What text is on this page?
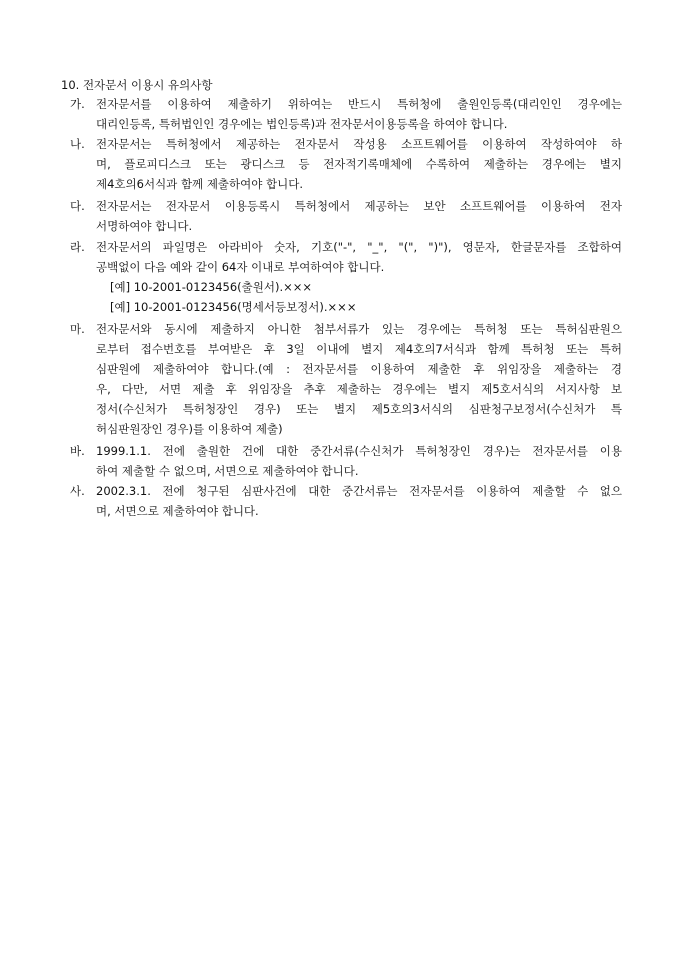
10. 전자문서 이용시 유의사항
가. 전자문서를 이용하여 제출하기 위하여는 반드시 특허청에 출원인등록(대리인인 경우에는
대리인등록, 특허법인인 경우에는 법인등록)과 전자문서이용등록을 하여야 합니다.
나. 전자문서는 특허청에서 제공하는 전자문서 작성용 소프트웨어를 이용하여 작성하여야 하
며, 플로피디스크 또는 광디스크 등 전자적기록매체에 수록하여 제출하는 경우에는 별지
제4호의6서식과 함께 제출하여야 합니다.
다. 전자문서는 전자문서 이용등록시 특허청에서 제공하는 보안 소프트웨어를 이용하여 전자
서명하여야 합니다.
라. 전자문서의 파일명은 아라비아 숫자, 기호("-", "_", "(", ")"), 영문자, 한글문자를 조합하여
공백없이 다음 예와 같이 64자 이내로 부여하여야 합니다.
[예] 10-2001-0123456(출원서).×××
[예] 10-2001-0123456(명세서등보정서).×××
마. 전자문서와 동시에 제출하지 아니한 첨부서류가 있는 경우에는 특허청 또는 특허심판원으
로부터 접수번호를 부여받은 후 3일 이내에 별지 제4호의7서식과 함께 특허청 또는 특허
심판원에 제출하여야 합니다.(예 : 전자문서를 이용하여 제출한 후 위임장을 제출하는 경
우, 다만, 서면 제출 후 위임장을 추후 제출하는 경우에는 별지 제5호서식의 서지사항 보
정서(수신처가 특허청장인 경우) 또는 별지 제5호의3서식의 심판청구보정서(수신처가 특
허심판원장인 경우)를 이용하여 제출)
바. 1999.1.1. 전에 출원한 건에 대한 중간서류(수신처가 특허청장인 경우)는 전자문서를 이용
하여 제출할 수 없으며, 서면으로 제출하여야 합니다.
사. 2002.3.1. 전에 청구된 심판사건에 대한 중간서류는 전자문서를 이용하여 제출할 수 없으
며, 서면으로 제출하여야 합니다.
